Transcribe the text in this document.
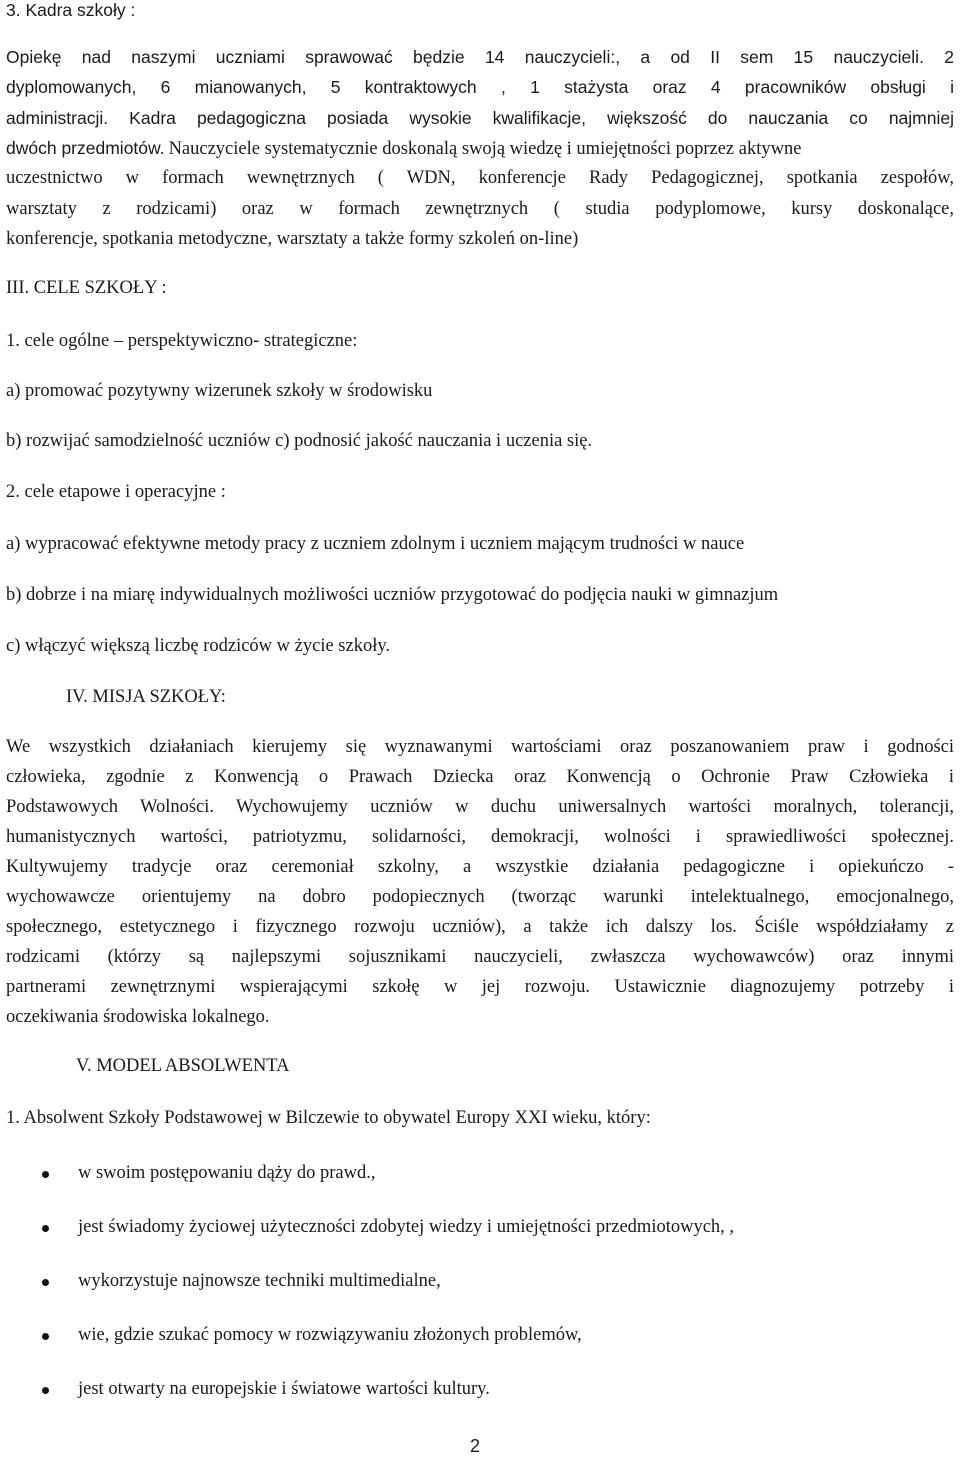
3. Kadra szkoły :
Opiekę nad naszymi uczniami sprawować będzie 14 nauczycieli:, a od II sem 15 nauczycieli. 2
dyplomowanych, 6 mianowanych, 5 kontraktowych , 1 stażysta oraz 4 pracowników obsługi i
administracji. Kadra pedagogiczna posiada wysokie kwalifikacje, większość do nauczania co najmniej
dwóch przedmiotów. Nauczyciele systematycznie doskonalą swoją wiedzę i umiejętności poprzez aktywne
uczestnictwo w formach wewnętrznych ( WDN, konferencje Rady Pedagogicznej, spotkania zespołów,
warsztaty z rodzicami) oraz w formach zewnętrznych ( studia podyplomowe, kursy doskonalące,
konferencje, spotkania metodyczne, warsztaty a także formy szkoleń on-line)
III. CELE SZKOŁY :
1. cele ogólne – perspektywiczno- strategiczne:
a) promować pozytywny wizerunek szkoły w środowisku
b) rozwijać samodzielność uczniów c) podnosić jakość nauczania i uczenia się.
2. cele etapowe i operacyjne :
a) wypracować efektywne metody pracy z uczniem zdolnym i uczniem mającym trudności w nauce
b) dobrze i na miarę indywidualnych możliwości uczniów przygotować do podjęcia nauki w gimnazjum
c) włączyć większą liczbę rodziców w życie szkoły.
IV. MISJA SZKOŁY:
We wszystkich działaniach kierujemy się wyznawanymi wartościami oraz poszanowaniem praw i godności
człowieka, zgodnie z Konwencją o Prawach Dziecka oraz Konwencją o Ochronie Praw Człowieka i
Podstawowych Wolności. Wychowujemy uczniów w duchu uniwersalnych wartości moralnych, tolerancji,
humanistycznych wartości, patriotyzmu, solidarności, demokracji, wolności i sprawiedliwości społecznej.
Kultywujemy tradycje oraz ceremoniał szkolny, a wszystkie działania pedagogiczne i opiekuńczo -
wychowawcze orientujemy na dobro podopiecznych (tworząc warunki intelektualnego, emocjonalnego,
społecznego, estetycznego i fizycznego rozwoju uczniów), a także ich dalszy los. Ściśle współdziałamy z
rodzicami (którzy są najlepszymi sojusznikami nauczycieli, zwłaszcza wychowawców) oraz innymi
partnerami zewnętrznymi wspierającymi szkołę w jej rozwoju. Ustawicznie diagnozujemy potrzeby i
oczekiwania środowiska lokalnego.
V. MODEL ABSOLWENTA
1. Absolwent Szkoły Podstawowej w Bilczewie to obywatel Europy XXI wieku, który:
w swoim postępowaniu dąży do prawd.,
jest świadomy życiowej użyteczności zdobytej wiedzy i umiejętności przedmiotowych, ,
wykorzystuje najnowsze techniki multimedialne,
wie, gdzie szukać pomocy w rozwiązywaniu złożonych problemów,
jest otwarty na europejskie i światowe wartości kultury.
2
